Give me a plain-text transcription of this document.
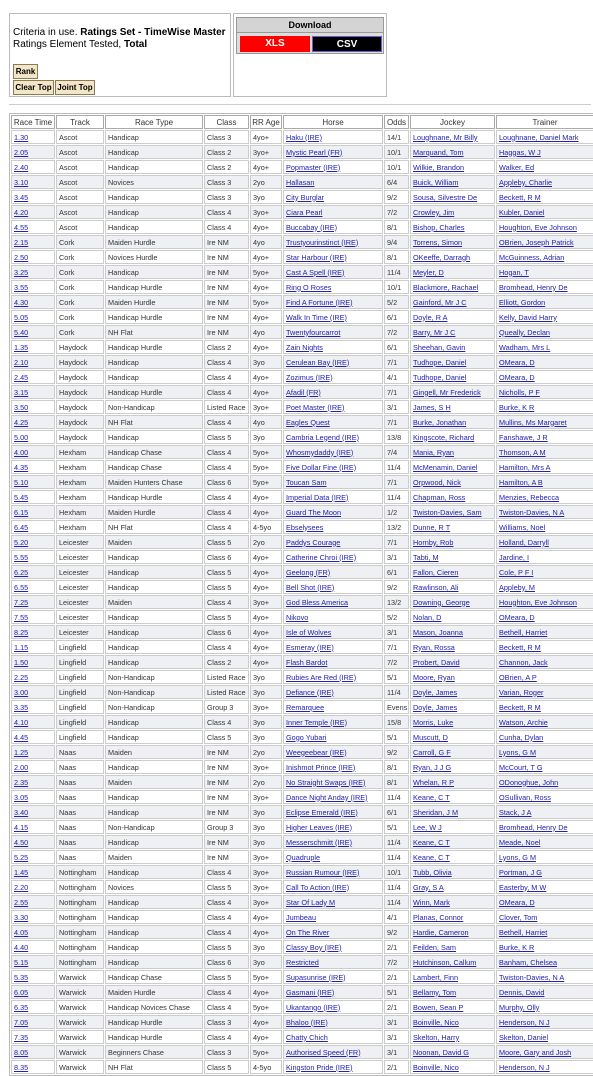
Criteria in use. Ratings Set - TimeWise Master
Ratings Element Tested, Total
Rank
Clear Top Joint Top
Download
XLS	CSV
Race Time	Track	Race Type	Class	RR Age	Horse	Odds	Jockey	Trainer
1.30	Ascot	Handicap	Class 3	4yo+	Haku (IRE)	14/1	Loughnane, Mr Billy	Loughnane, Daniel Mark
2.05	Ascot	Handicap	Class 2	3yo+	Mystic Pearl (FR)	10/1	Marquand, Tom	Haggas, W J
2.40	Ascot	Handicap	Class 2	4yo+	Popmaster (IRE)	10/1	Wilkie, Brandon	Walker, Ed
3.10	Ascot	Novices	Class 3	2yo	Hallasan	6/4	Buick, William	Appleby, Charlie
3.45	Ascot	Handicap	Class 3	3yo	City Burglar	9/2	Sousa, Silvestre De	Beckett, R M
4.20	Ascot	Handicap	Class 4	3yo+	Ciara Pearl	7/2	Crowley, Jim	Kubler, Daniel
4.55	Ascot	Handicap	Class 4	4yo+	Buccabay (IRE)	8/1	Bishop, Charles	Houghton, Eve Johnson
2.15	Cork	Maiden Hurdle	Ire NM	4yo	Trustyourinstinct (IRE)	9/4	Torrens, Simon	OBrien, Joseph Patrick
2.50	Cork	Novices Hurdle	Ire NM	4yo+	Star Harbour (IRE)	8/1	OKeeffe, Darragh	McGuinness, Adrian
3.25	Cork	Handicap	Ire NM	5yo+	Cast A Spell (IRE)	11/4	Meyler, D	Hogan, T
3.55	Cork	Handicap Hurdle	Ire NM	4yo+	Ring O Roses	10/1	Blackmore, Rachael	Bromhead, Henry De
4.30	Cork	Maiden Hurdle	Ire NM	5yo+	Find A Fortune (IRE)	5/2	Gainford, Mr J C	Elliott, Gordon
5.05	Cork	Handicap Hurdle	Ire NM	4yo+	Walk In Time (IRE)	6/1	Doyle, R A	Kelly, David Harry
5.40	Cork	NH Flat	Ire NM	4yo	Twentyfourcarrot	7/2	Barry, Mr J C	Queally, Declan
1.35	Haydock	Handicap Hurdle	Class 2	4yo+	Zain Nights	6/1	Sheehan, Gavin	Wadham, Mrs L
2.10	Haydock	Handicap	Class 4	3yo	Cerulean Bay (IRE)	7/1	Tudhope, Daniel	OMeara, D
2.45	Haydock	Handicap	Class 4	4yo+	Zozimus (IRE)	4/1	Tudhope, Daniel	OMeara, D
3.15	Haydock	Handicap Hurdle	Class 4	4yo+	Afadil (FR)	7/1	Gingell, Mr Frederick	Nicholls, P F
3.50	Haydock	Non-Handicap	Listed Race	3yo+	Poet Master (IRE)	3/1	James, S H	Burke, K R
4.25	Haydock	NH Flat	Class 4	4yo	Eagles Quest	7/1	Burke, Jonathan	Mullins, Ms Margaret
5.00	Haydock	Handicap	Class 5	3yo	Cambria Legend (IRE)	13/8	Kingscote, Richard	Fanshawe, J R
4.00	Hexham	Handicap Chase	Class 4	5yo+	Whosmydaddy (IRE)	7/4	Mania, Ryan	Thomson, A M
4.35	Hexham	Handicap Chase	Class 4	5yo+	Five Dollar Fine (IRE)	11/4	McMenamin, Daniel	Hamilton, Mrs A
5.10	Hexham	Maiden Hunters Chase	Class 6	5yo+	Toucan Sam	7/1	Orpwood, Nick	Hamilton, A B
5.45	Hexham	Handicap Hurdle	Class 4	4yo+	Imperial Data (IRE)	11/4	Chapman, Ross	Menzies, Rebecca
6.15	Hexham	Maiden Hurdle	Class 4	4yo+	Guard The Moon	1/2	Twiston-Davies, Sam	Twiston-Davies, N A
6.45	Hexham	NH Flat	Class 4	4-5yo	Ebselysees	13/2	Dunne, R T	Williams, Noel
5.20	Leicester	Maiden	Class 5	2yo	Paddys Courage	7/1	Hornby, Rob	Holland, Darryll
5.55	Leicester	Handicap	Class 6	4yo+	Catherine Chroi (IRE)	3/1	Tabti, M	Jardine, I
6.25	Leicester	Handicap	Class 5	4yo+	Geelong (FR)	6/1	Fallon, Cieren	Cole, P F I
6.55	Leicester	Handicap	Class 5	4yo+	Bell Shot (IRE)	9/2	Rawlinson, Ali	Appleby, M
7.25	Leicester	Maiden	Class 4	3yo+	God Bless America	13/2	Downing, George	Houghton, Eve Johnson
7.55	Leicester	Handicap	Class 5	4yo+	Nikovo	5/2	Nolan, D	OMeara, D
8.25	Leicester	Handicap	Class 6	4yo+	Isle of Wolves	3/1	Mason, Joanna	Bethell, Harriet
1.15	Lingfield	Handicap	Class 4	4yo+	Esmeray (IRE)	7/1	Ryan, Rossa	Beckett, R M
1.50	Lingfield	Handicap	Class 2	4yo+	Flash Bardot	7/2	Probert, David	Channon, Jack
2.25	Lingfield	Non-Handicap	Listed Race	3yo	Rubies Are Red (IRE)	5/1	Moore, Ryan	OBrien, A P
3.00	Lingfield	Non-Handicap	Listed Race	3yo	Defiance (IRE)	11/4	Doyle, James	Varian, Roger
3.35	Lingfield	Non-Handicap	Group 3	3yo+	Remarquee	Evens	Doyle, James	Beckett, R M
4.10	Lingfield	Handicap	Class 4	3yo	Inner Temple (IRE)	15/8	Morris, Luke	Watson, Archie
4.45	Lingfield	Handicap	Class 5	3yo	Gogo Yubari	5/1	Muscutt, D	Cunha, Dylan
1.25	Naas	Maiden	Ire NM	2yo	Weegeebear (IRE)	9/2	Carroll, G F	Lyons, G M
2.00	Naas	Handicap	Ire NM	3yo+	Inishmot Prince (IRE)	8/1	Ryan, J J G	McCourt, T G
2.35	Naas	Maiden	Ire NM	2yo	No Straight Swaps (IRE)	8/1	Whelan, R P	ODonoghue, John
3.05	Naas	Handicap	Ire NM	3yo+	Dance Night Anday (IRE)	11/4	Keane, C T	OSullivan, Ross
3.40	Naas	Handicap	Ire NM	3yo	Eclipse Emerald (IRE)	6/1	Sheridan, J M	Stack, J A
4.15	Naas	Non-Handicap	Group 3	3yo	Higher Leaves (IRE)	5/1	Lee, W J	Bromhead, Henry De
4.50	Naas	Handicap	Ire NM	3yo	Messerschmitt (IRE)	11/4	Keane, C T	Meade, Noel
5.25	Naas	Maiden	Ire NM	3yo+	Quadruple	11/4	Keane, C T	Lyons, G M
1.45	Nottingham	Handicap	Class 4	3yo+	Russian Rumour (IRE)	10/1	Tubb, Olivia	Portman, J G
2.20	Nottingham	Novices	Class 5	3yo+	Call To Action (IRE)	11/4	Gray, S A	Easterby, M W
2.55	Nottingham	Handicap	Class 4	3yo+	Star Of Lady M	11/4	Winn, Mark	OMeara, D
3.30	Nottingham	Handicap	Class 4	4yo+	Jumbeau	4/1	Planas, Connor	Clover, Tom
4.05	Nottingham	Handicap	Class 4	4yo+	On The River	9/2	Hardie, Cameron	Bethell, Harriet
4.40	Nottingham	Handicap	Class 5	3yo	Classy Boy (IRE)	2/1	Feilden, Sam	Burke, K R
5.15	Nottingham	Handicap	Class 6	3yo	Restricted	7/2	Hutchinson, Callum	Banham, Chelsea
5.35	Warwick	Handicap Chase	Class 5	5yo+	Supasunrise (IRE)	2/1	Lambert, Finn	Twiston-Davies, N A
6.05	Warwick	Maiden Hurdle	Class 4	4yo+	Gasmani (IRE)	5/1	Bellamy, Tom	Dennis, David
6.35	Warwick	Handicap Novices Chase	Class 4	5yo+	Ukantango (IRE)	2/1	Bowen, Sean P	Murphy, Olly
7.05	Warwick	Handicap Hurdle	Class 3	4yo+	Bhaloo (IRE)	3/1	Boinville, Nico	Henderson, N J
7.35	Warwick	Handicap Hurdle	Class 4	4yo+	Chatty Chich	3/1	Skelton, Harry	Skelton, Daniel
8.05	Warwick	Beginners Chase	Class 3	5yo+	Authorised Speed (FR)	3/1	Noonan, David G	Moore, Gary and Josh
8.35	Warwick	NH Flat	Class 5	4-5yo	Kingston Pride (IRE)	2/1	Boinville, Nico	Henderson, N J
